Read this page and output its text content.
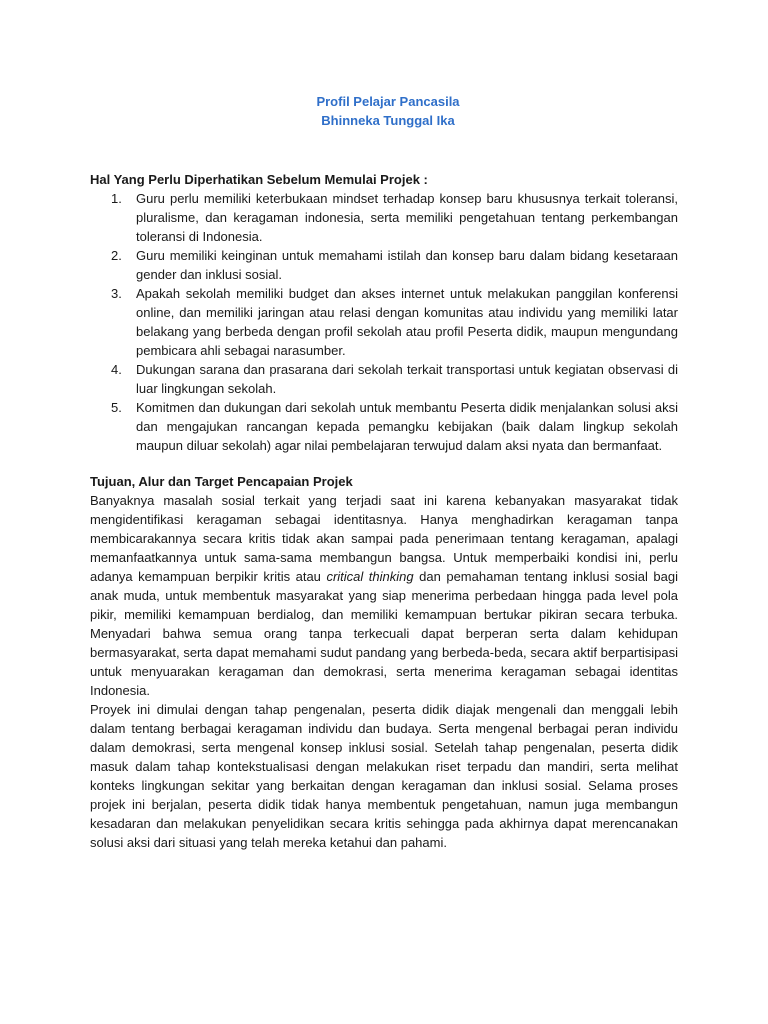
Profil Pelajar Pancasila
Bhinneka Tunggal Ika
Hal Yang Perlu Diperhatikan Sebelum Memulai Projek :
1. Guru perlu memiliki keterbukaan mindset terhadap konsep baru khususnya terkait toleransi, pluralisme, dan keragaman indonesia, serta memiliki pengetahuan tentang perkembangan toleransi di Indonesia.
2. Guru memiliki keinginan untuk memahami istilah dan konsep baru dalam bidang kesetaraan gender dan inklusi sosial.
3. Apakah sekolah memiliki budget dan akses internet untuk melakukan panggilan konferensi online, dan memiliki jaringan atau relasi dengan komunitas atau individu yang memiliki latar belakang yang berbeda dengan profil sekolah atau profil Peserta didik, maupun mengundang pembicara ahli sebagai narasumber.
4. Dukungan sarana dan prasarana dari sekolah terkait transportasi untuk kegiatan observasi di luar lingkungan sekolah.
5. Komitmen dan dukungan dari sekolah untuk membantu Peserta didik menjalankan solusi aksi dan mengajukan rancangan kepada pemangku kebijakan (baik dalam lingkup sekolah maupun diluar sekolah) agar nilai pembelajaran terwujud dalam aksi nyata dan bermanfaat.
Tujuan, Alur dan Target Pencapaian Projek

Banyaknya masalah sosial terkait yang terjadi saat ini karena kebanyakan masyarakat tidak mengidentifikasi keragaman sebagai identitasnya. Hanya menghadirkan keragaman tanpa membicarakannya secara kritis tidak akan sampai pada penerimaan tentang keragaman, apalagi memanfaatkannya untuk sama-sama membangun bangsa. Untuk memperbaiki kondisi ini, perlu adanya kemampuan berpikir kritis atau critical thinking dan pemahaman tentang inklusi sosial bagi anak muda, untuk membentuk masyarakat yang siap menerima perbedaan hingga pada level pola pikir, memiliki kemampuan berdialog, dan memiliki kemampuan bertukar pikiran secara terbuka. Menyadari bahwa semua orang tanpa terkecuali dapat berperan serta dalam kehidupan bermasyarakat, serta dapat memahami sudut pandang yang berbeda-beda, secara aktif berpartisipasi untuk menyuarakan keragaman dan demokrasi, serta menerima keragaman sebagai identitas Indonesia.

Proyek ini dimulai dengan tahap pengenalan, peserta didik diajak mengenali dan menggali lebih dalam tentang berbagai keragaman individu dan budaya. Serta mengenal berbagai peran individu dalam demokrasi, serta mengenal konsep inklusi sosial. Setelah tahap pengenalan, peserta didik masuk dalam tahap kontekstualisasi dengan melakukan riset terpadu dan mandiri, serta melihat konteks lingkungan sekitar yang berkaitan dengan keragaman dan inklusi sosial. Selama proses projek ini berjalan, peserta didik tidak hanya membentuk pengetahuan, namun juga membangun kesadaran dan melakukan penyelidikan secara kritis sehingga pada akhirnya dapat merencanakan solusi aksi dari situasi yang telah mereka ketahui dan pahami.
